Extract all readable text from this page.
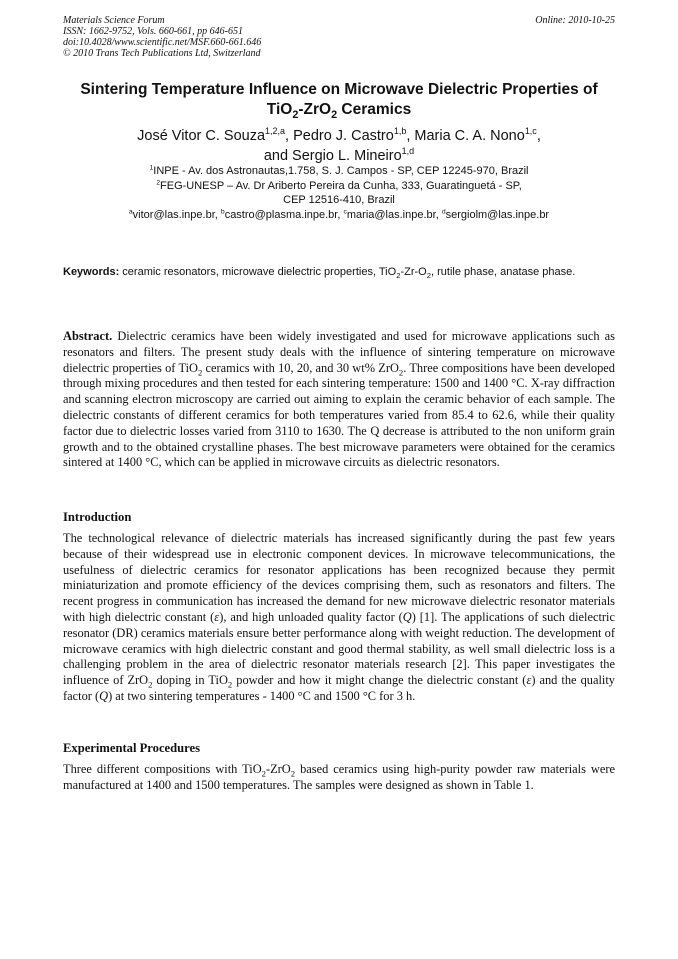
Materials Science Forum
ISSN: 1662-9752, Vols. 660-661, pp 646-651
doi:10.4028/www.scientific.net/MSF.660-661.646
© 2010 Trans Tech Publications Ltd, Switzerland
Online: 2010-10-25
Sintering Temperature Influence on Microwave Dielectric Properties of
TiO$_2$-ZrO$_2$ Ceramics
José Vitor C. Souza$^{1,2,a}$, Pedro J. Castro$^{1,b}$, Maria C. A. Nono$^{1,c}$,
and Sergio L. Mineiro$^{1,d}$
$^1$INPE - Av. dos Astronautas,1.758, S. J. Campos - SP, CEP 12245-970, Brazil
$^2$FEG-UNESP – Av. Dr Ariberto Pereira da Cunha, 333, Guaratinguetá - SP,
CEP 12516-410, Brazil
$^a$vitor@las.inpe.br, $^b$castro@plasma.inpe.br, $^c$maria@las.inpe.br, $^d$sergiolm@las.inpe.br
Keywords: ceramic resonators, microwave dielectric properties, $TiO_2-Zr-O_2$, rutile phase, anatase phase.
Abstract. Dielectric ceramics have been widely investigated and used for microwave applications such as resonators and filters. The present study deals with the influence of sintering temperature on microwave dielectric properties of TiO$_2$ ceramics with 10, 20, and 30 wt% ZrO$_2$. Three compositions have been developed through mixing procedures and then tested for each sintering temperature: 1500 and 1400 °C. X-ray diffraction and scanning electron microscopy are carried out aiming to explain the ceramic behavior of each sample. The dielectric constants of different ceramics for both temperatures varied from 85.4 to 62.6, while their quality factor due to dielectric losses varied from 3110 to 1630. The Q decrease is attributed to the non uniform grain growth and to the obtained crystalline phases. The best microwave parameters were obtained for the ceramics sintered at 1400 °C, which can be applied in microwave circuits as dielectric resonators.
Introduction
The technological relevance of dielectric materials has increased significantly during the past few years because of their widespread use in electronic component devices. In microwave telecommunications, the usefulness of dielectric ceramics for resonator applications has been recognized because they permit miniaturization and promote efficiency of the devices comprising them, such as resonators and filters. The recent progress in communication has increased the demand for new microwave dielectric resonator materials with high dielectric constant (ε), and high unloaded quality factor (Q) [1]. The applications of such dielectric resonator (DR) ceramics materials ensure better performance along with weight reduction. The development of microwave ceramics with high dielectric constant and good thermal stability, as well small dielectric loss is a challenging problem in the area of dielectric resonator materials research [2]. This paper investigates the influence of ZrO$_2$ doping in TiO$_2$ powder and how it might change the dielectric constant (ε) and the quality factor (Q) at two sintering temperatures - 1400 °C and 1500 °C for 3 h.
Experimental Procedures
Three different compositions with TiO$_2$-ZrO$_2$ based ceramics using high-purity powder raw materials were manufactured at 1400 and 1500 temperatures. The samples were designed as shown in Table 1.
